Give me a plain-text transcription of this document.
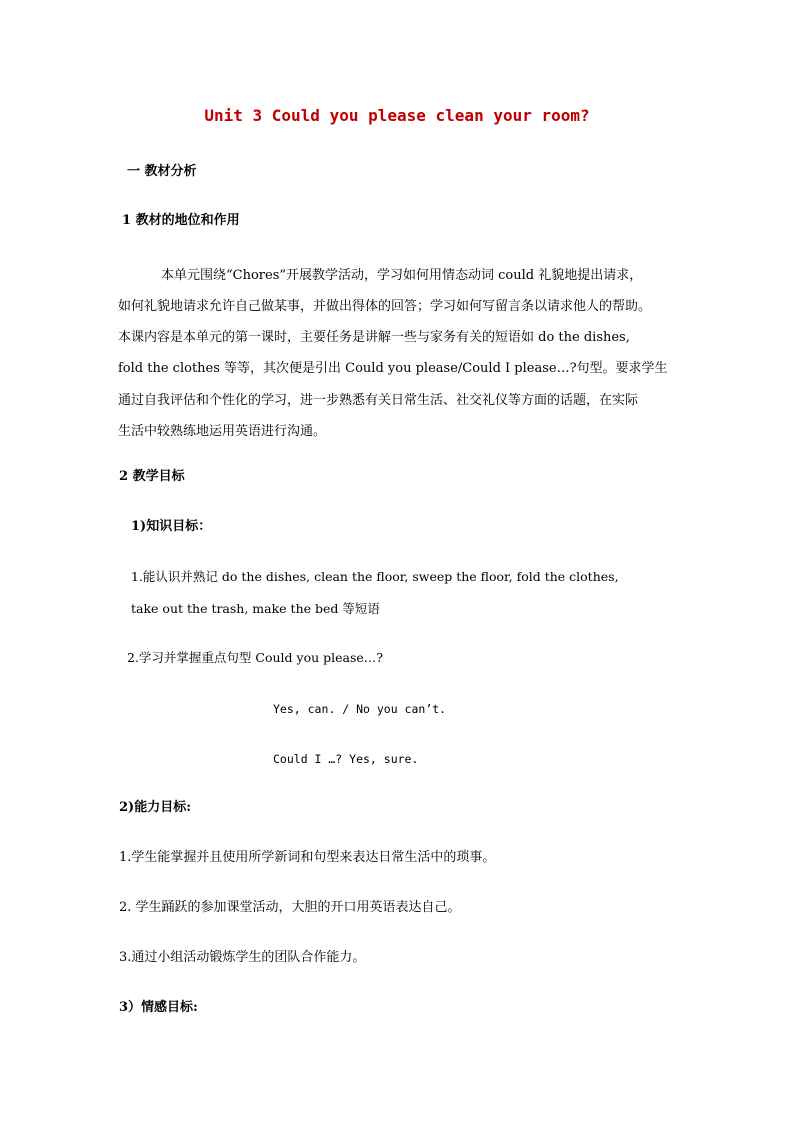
Unit 3 Could you please clean your room?
一 教材分析
1 教材的地位和作用
本单元围绕“Chores”开展教学活动，学习如何用情态动词 could 礼貌地提出请求，
如何礼貌地请求允许自己做某事，并做出得体的回答；学习如何写留言条以请求他人的帮助。
本课内容是本单元的第一课时，主要任务是讲解一些与家务有关的短语如 do the dishes,
fold the clothes 等等，其次便是引出 Could you please/Could I please…?句型。要求学生
通过自我评估和个性化的学习，进一步熟悉有关日常生活、社交礼仪等方面的话题，在实际
生活中较熟练地运用英语进行沟通。
2 教学目标
1)知识目标：
1.能认识并熟记 do the dishes, clean the floor, sweep the floor, fold the clothes,
take out the trash, make the bed 等短语
2.学习并掌握重点句型 Could you please…?
Yes, can. / No you can’t.
Could I …? Yes, sure.
2)能力目标:
1.学生能掌握并且使用所学新词和句型来表达日常生活中的琐事。
2. 学生踊跃的参加课堂活动，大胆的开口用英语表达自己。
3.通过小组活动锻炼学生的团队合作能力。
3）情感目标:
